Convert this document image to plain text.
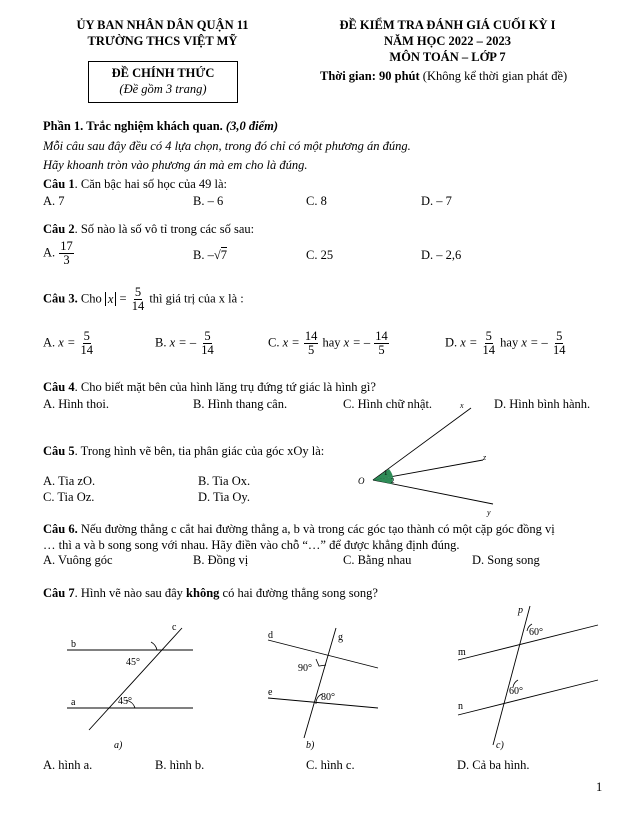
ỦY BAN NHÂN DÂN QUẬN 11
TRƯỜNG THCS VIỆT MỸ
ĐỀ CHÍNH THỨC
(Đề gồm 3 trang)
ĐỀ KIỂM TRA ĐÁNH GIÁ CUỐI KỲ I
NĂM HỌC 2022 – 2023
MÔN TOÁN – LỚP 7
Thời gian: 90 phút (Không kể thời gian phát đề)
Phần 1. Trắc nghiệm khách quan. (3,0 điểm)
Mỗi câu sau đây đều có 4 lựa chọn, trong đó chỉ có một phương án đúng.
Hãy khoanh tròn vào phương án mà em cho là đúng.
Câu 1. Căn bậc hai số học của 49 là:
A. 7	B. – 6	C. 8	D. – 7
Câu 2. Số nào là số vô tỉ trong các số sau:
A. $\frac{17}{3}$	B. –√7	C. 25	D. – 2,6
Câu 3. Cho $x = \frac{5}{14}$ thì giá trị của x là :
A. $x = \frac{5}{14}$	B. x = – $\frac{5}{14}$	C. $x = \frac{14}{5}$ hay x = – $\frac{14}{5}$	D. $x = \frac{5}{14}$ hay x = – $\frac{5}{14}$
Câu 4. Cho biết mặt bên của hình lăng trụ đứng tứ giác là hình gì?
A. Hình thoi.	B. Hình thang cân.	C. Hình chữ nhật.	D. Hình bình hành.
Câu 5. Trong hình vẽ bên, tia phân giác của góc xOy là:
A. Tia zO.	B. Tia Ox.
C. Tia Oz.	D. Tia Oy.
x
z
y
O
1
2
Câu 6. Nếu đường thẳng c cắt hai đường thẳng a, b và trong các góc tạo thành có một cặp góc đồng vị
… thì a và b song song với nhau. Hãy điền vào chỗ “…” để được khẳng định đúng.
A. Vuông góc	B. Đồng vị	C. Bằng nhau	D. Song song
Câu 7. Hình vẽ nào sau đây không có hai đường thẳng song song?
b
a
c
45°
45°
a)
d	g
e
90°
80°
b)
p
m
n
60°
60°
c)
A. hình a.	B. hình b.	C. hình c.	D. Cả ba hình.
1
